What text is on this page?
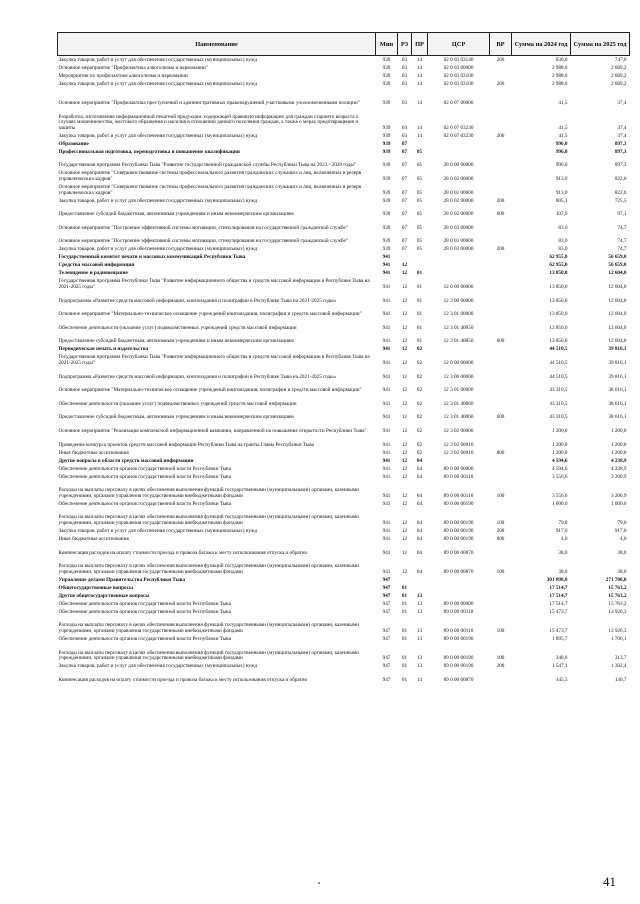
Наименование	Мин	РЗ	ПР	ЦСР	ВР	Сумма на 2024 год	Сумма на 2025 год
Закупка товаров, работ и услуг для обеспечения государственных (муниципальных) нужд	939	03	14	02 0 03 03140	200	830,0	747,0
Основное мероприятие "Профилактика алкоголизма и наркомании"	939	03	14	02 0 03 00000		2 988,0	2 689,2
Мероприятия по профилактике алкоголизма и наркомании	939	03	14	02 0 03 03100		2 988,0	2 689,2
Закупка товаров, работ и услуг для обеспечения государственных (муниципальных) нужд	939	03	14	02 0 03 03100	200	2 988,0	2 689,2
Основное мероприятие "Профилактика преступлений и административных правонарушений участковыми уполномоченными полиции"	939	03	14	02 0 07 00000		41,5	37,4
Разработка, изготовление информационной печатной продукции, содержащей правовую информацию для граждан старшего возраста о случаях мошенничества, жестокого обращения и насилия в отношении данного поселения граждан, а также о мерах предотвращения и защиты	939	03	14	02 0 07 03230		41,5	37,4
Закупка товаров, работ и услуг для обеспечения государственных (муниципальных) нужд	939	03	14	02 0 07 03230	200	41,5	37,4
Образование	939	07				996,0	897,3
Профессиональная подготовка, переподготовка и повышение квалификации	939	07	05			996,0	897,3
Государственная программа Республики Тыва "Развитие государственной гражданской службы Республики Тыва на 2023 - 2028 годы"	939	07	05	28 0 00 00000		996,0	897,3
Основное мероприятие "Совершенствование системы профессионального развития гражданских служащих и лиц, включенных в резерв управленческих кадров"	939	07	05	28 0 02 00000		913,0	822,6
Основное мероприятие "Совершенствование системы профессионального развития гражданских служащих и лиц, включенных в резерв управленческих кадров"	939	07	05	28 0 02 00000		913,0	822,6
Закупка товаров, работ и услуг для обеспечения государственных (муниципальных) нужд	939	07	05	28 0 02 00000	200	805,1	725,5
Предоставление субсидий бюджетным, автономным учреждениям и иным некоммерческим организациям	939	07	05	28 0 02 00000	600	107,9	97,1
Основное мероприятие "Построение эффективной системы мотивации, стимулирования на государственной гражданской службе"	939	07	05	28 0 03 00000		83,0	74,7
Основное мероприятие "Построение эффективной системы мотивации, стимулирования на государственной гражданской службе"	939	07	05	28 0 03 00000		83,0	74,7
Закупка товаров, работ и услуг для обеспечения государственных (муниципальных) нужд	939	07	05	28 0 03 00000	200	83,0	74,7
Государственный комитет печати и массовых коммуникаций Республики Тыва	941					62 955,0	56 659,0
Средства массовой информации	941	12				62 955,0	56 659,0
Телевидение и радиовещание	941	12	01			13 850,0	12 604,0
Государственная программа Республики Тыва "Развитие информационного общества и средств массовой информации в Республике Тыва на 2021-2025 годы"	941	12	01	12 0 00 00000		13 850,0	12 604,0
Подпрограмма «Развитие средств массовой информации, книгоиздания и полиграфии в Республике Тыва на 2021-2025 годы»	941	12	01	12 3 00 00000		13 850,0	12 604,0
Основное мероприятие "Материально-техническое оснащение учреждений книгоиздания, полиграфии и средств массовой информации"	941	12	01	12 3 01 00000		13 850,0	12 604,0
Обеспечение деятельности (оказание услуг) подведомственных учреждений средств массовой информации	941	12	01	12 3 01 40050		13 850,0	12 604,0
Предоставление субсидий бюджетным, автономным учреждениям и иным некоммерческим организациям	941	12	01	12 3 01 40050	600	13 850,0	12 604,0
Периодическая печать и издательства	941	12	02			44 510,5	39 816,1
Государственная программа Республики Тыва "Развитие информационного общества и средств массовой информации в Республике Тыва на 2021-2025 годы"	941	12	02	12 0 00 00000		44 510,5	39 816,1
Подпрограмма «Развитие средств массовой информации, книгоиздания и полиграфии в Республике Тыва на 2021-2025 годы»	941	12	02	12 3 00 00000		44 510,5	39 816,1
Основное мероприятие "Материально-техническое оснащение учреждений книгоиздания, полиграфии и средств массовой информации"	941	12	02	12 3 01 00000		43 310,5	38 616,1
Обеспечение деятельности (оказание услуг) подведомственных учреждений средств массовой информации	941	12	02	12 3 01 40060		43 310,5	38 616,1
Предоставление субсидий бюджетным, автономным учреждениям и иным некоммерческим организациям	941	12	02	12 3 01 40060	600	43 310,5	38 616,1
Основное мероприятие "Реализация комплексной информационной кампании, направленной на повышение открытости Республики Тыва"	941	12	02	12 3 02 00000		1 200,0	1 200,0
Проведение конкурса проектов средств массовой информации Республики Тыва на гранты Главы Республики Тыва	941	12	02	12 3 02 60010		1 200,0	1 200,0
Иные бюджетные ассигнования	941	12	02	12 3 02 60010	800	1 200,0	1 200,0
Другие вопросы в области средств массовой информации	941	12	04			4 594,6	4 238,9
Обеспечение деятельности органов государственной власти Республики Тыва	941	12	04	89 0 00 00000		4 594,6	4 238,9
Обеспечение деятельности органов государственной власти Республики Тыва	941	12	04	89 0 00 00110		3 556,6	3 200,9
Расходы на выплаты персоналу в целях обеспечения выполнения функций государственными (муниципальными) органами, казенными учреждениями, органами управления государственными внебюджетными фондами	941	12	04	89 0 00 00110	100	3 556,6	3 200,9
Обеспечение деятельности органов государственной власти Республики Тыва	941	12	04	89 0 00 00190		1 000,0	1 000,0
Расходы на выплаты персоналу в целях обеспечения выполнения функций государственными (муниципальными) органами, казенными учреждениями, органами управления государственными внебюджетными фондами	941	12	04	89 0 00 00190	100	79,0	79,0
Закупка товаров, работ и услуг для обеспечения государственных (муниципальных) нужд	941	12	04	89 0 00 00190	200	917,0	917,0
Иные бюджетные ассигнования	941	12	04	89 0 00 00190	800	4,0	4,0
Компенсация расходов на оплату стоимости проезда и провоза багажа к месту использования отпуска и обратно	941	12	04	89 0 00 00870		38,0	38,0
Расходы на выплаты персоналу в целях обеспечения выполнения функций государственными (муниципальными) органами, казенными учреждениями, органами управления государственными внебюджетными фондами	941	12	04	89 0 00 00870	100	38,0	38,0
Управление делами Правительства Республики Тыва	947					301 898,0	271 708,0
Общегосударственные вопросы	947	01				17 514,7	15 763,2
Другие общегосударственные вопросы	947	01	13			17 514,7	15 763,2
Обеспечение деятельности органов государственной власти Республики Тыва	947	01	13	89 0 00 00000		17 514,7	15 763,2
Обеспечение деятельности органов государственной власти Республики Тыва	947	01	13	89 0 00 00110		15 473,7	13 926,3
Расходы на выплаты персоналу в целях обеспечения выполнения функций государственными (муниципальными) органами, казенными учреждениями, органами управления государственными внебюджетными фондами	947	01	13	89 0 00 00110	100	15 473,7	13 926,3
Обеспечение деятельности органов государственной власти Республики Тыва	947	01	13	89 0 00 00190		1 895,7	1 706,1
Расходы на выплаты персоналу в целях обеспечения выполнения функций государственными (муниципальными) органами, казенными учреждениями, органами управления государственными внебюджетными фондами	947	01	13	89 0 00 00190	100	348,6	313,7
Закупка товаров, работ и услуг для обеспечения государственных (муниципальных) нужд	947	01	13	89 0 00 00190	200	1 547,1	1 392,4
Компенсация расходов на оплату стоимости проезда и провоза багажа к месту использования отпуска и обратно	947	01	13	89 0 00 00870		145,3	130,7
41
